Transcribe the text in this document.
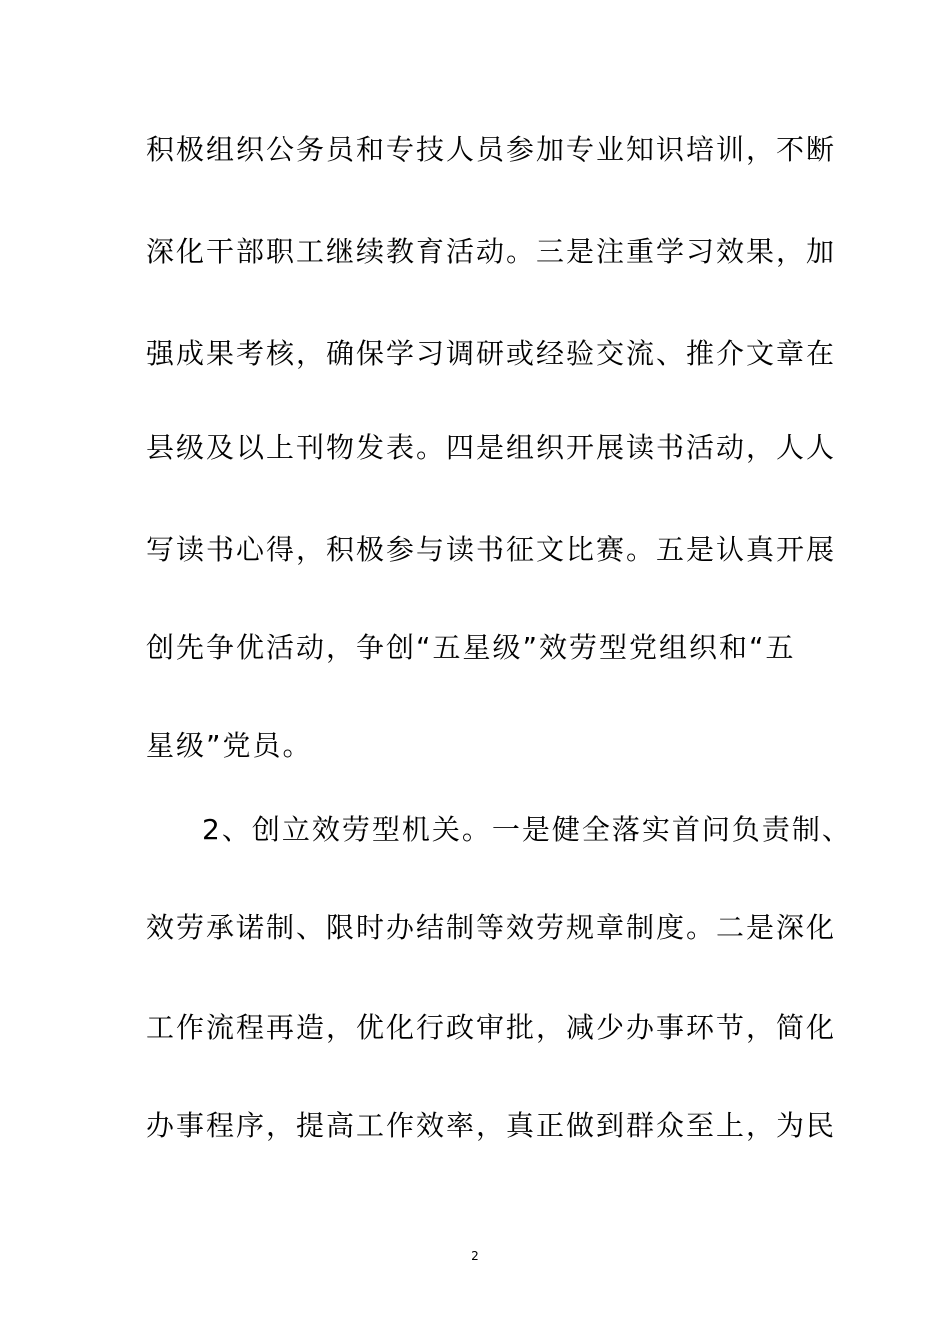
积极组织公务员和专技人员参加专业知识培训，不断
深化干部职工继续教育活动。三是注重学习效果，加
强成果考核，确保学习调研或经验交流、推介文章在
县级及以上刊物发表。四是组织开展读书活动，人人
写读书心得，积极参与读书征文比赛。五是认真开展
创先争优活动，争创“五星级”效劳型党组织和“五
星级”党员。
2、创立效劳型机关。一是健全落实首问负责制、
效劳承诺制、限时办结制等效劳规章制度。二是深化
工作流程再造，优化行政审批，减少办事环节，简化
办事程序，提高工作效率，真正做到群众至上，为民
2
